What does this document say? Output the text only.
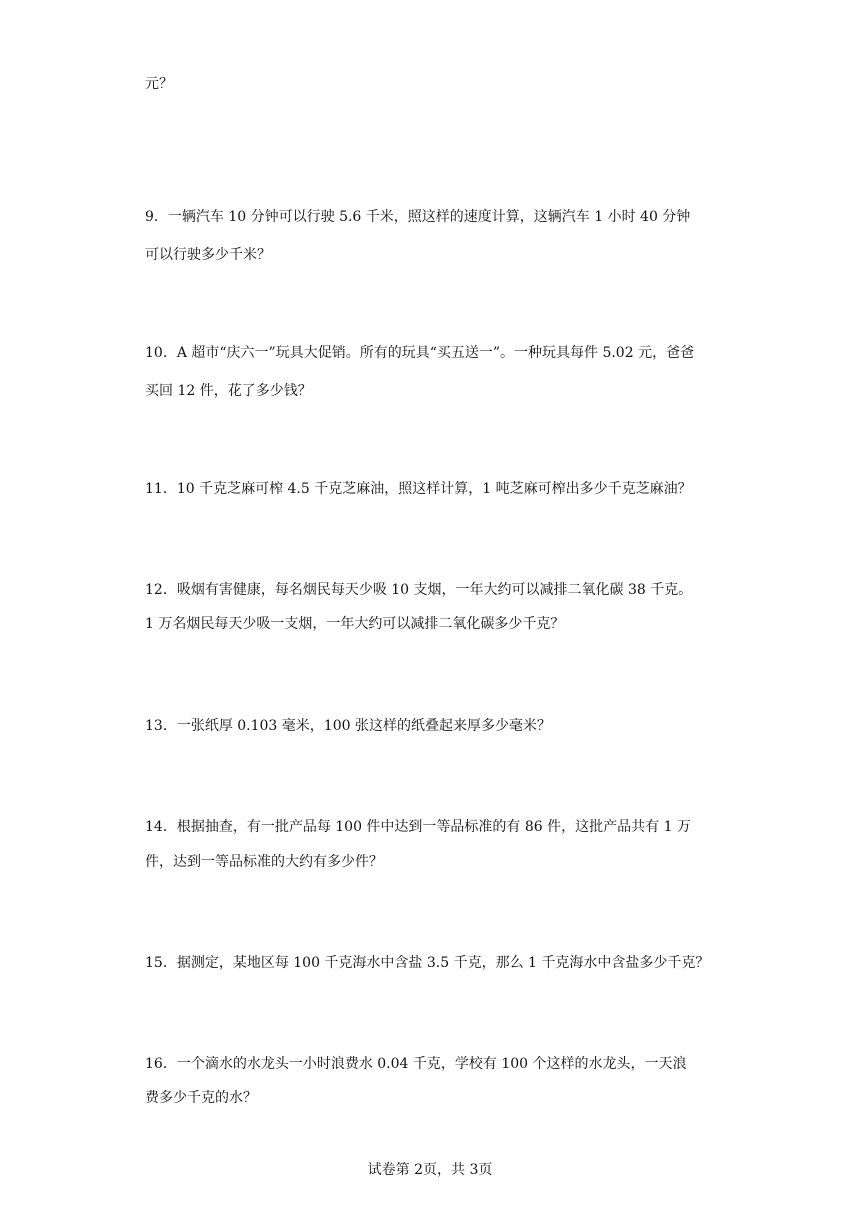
元？
9．一辆汽车 10 分钟可以行驶 5.6 千米，照这样的速度计算，这辆汽车 1 小时 40 分钟
可以行驶多少千米？
10．A 超市“庆六一”玩具大促销。所有的玩具“买五送一”。一种玩具每件 5.02 元，爸爸
买回 12 件，花了多少钱？
11．10 千克芝麻可榨 4.5 千克芝麻油，照这样计算，1 吨芝麻可榨出多少千克芝麻油？
12．吸烟有害健康，每名烟民每天少吸 10 支烟，一年大约可以减排二氧化碳 38 千克。
1 万名烟民每天少吸一支烟，一年大约可以减排二氧化碳多少千克？
13．一张纸厚 0.103 毫米，100 张这样的纸叠起来厚多少毫米？
14．根据抽查，有一批产品每 100 件中达到一等品标准的有 86 件，这批产品共有 1 万
件，达到一等品标准的大约有多少件？
15．据测定，某地区每 100 千克海水中含盐 3.5 千克，那么 1 千克海水中含盐多少千克？
16．一个滴水的水龙头一小时浪费水 0.04 千克，学校有 100 个这样的水龙头，一天浪
费多少千克的水？
试卷第 2页，共 3页
